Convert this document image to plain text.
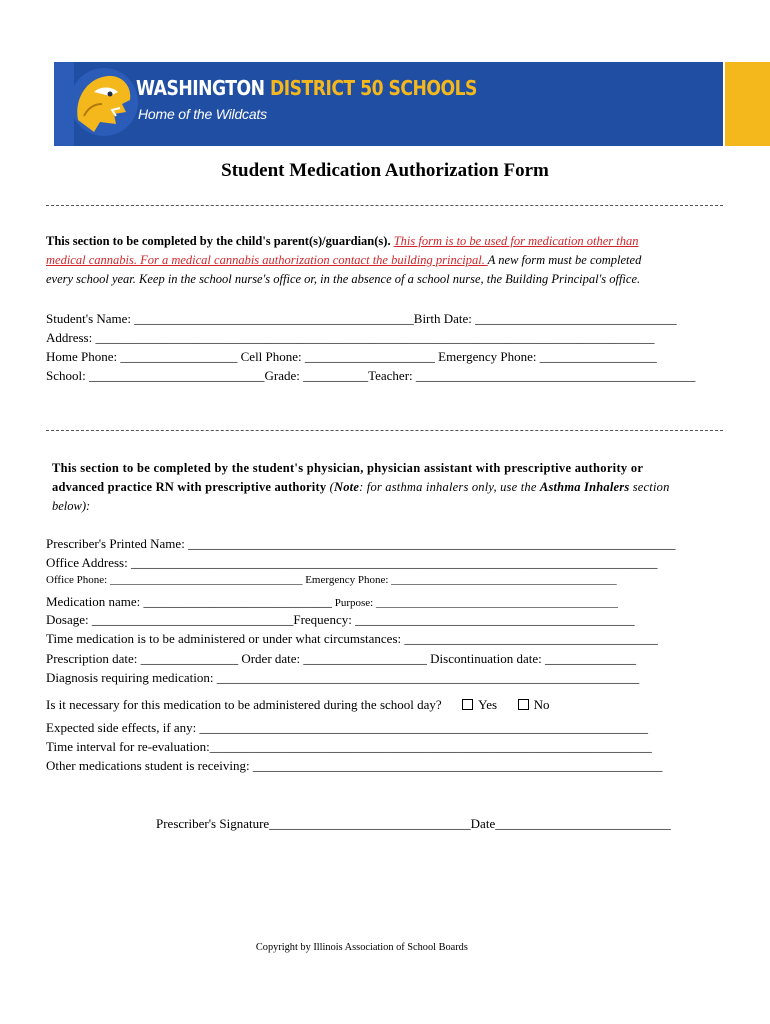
WASHINGTON DISTRICT 50 SCHOOLS
Home of the Wildcats
Student Medication Authorization Form
This section to be completed by the child's parent(s)/guardian(s). This form is to be used for medication other than
medical cannabis. For a medical cannabis authorization contact the building principal. A new form must be completed
every school year. Keep in the school nurse's office or, in the absence of a school nurse, the Building Principal's office.
Student's Name: ___________________________________________Birth Date: _______________________________
Address: ______________________________________________________________________________________
Home Phone: __________________ Cell Phone: ____________________ Emergency Phone: __________________
School: ___________________________Grade: __________Teacher: ___________________________________________
This section to be completed by the student's physician, physician assistant with prescriptive authority or
advanced practice RN with prescriptive authority (Note: for asthma inhalers only, use the Asthma Inhalers section
below):
Prescriber's Printed Name: ___________________________________________________________________________
Office Address: _________________________________________________________________________________
Office Phone: ___________________________________ Emergency Phone: _________________________________________
Medication name: _____________________________ Purpose: ____________________________________________
Dosage: _______________________________Frequency: ___________________________________________
Time medication is to be administered or under what circumstances: _______________________________________
Prescription date: _______________ Order date: ___________________ Discontinuation date: ______________
Diagnosis requiring medication: _________________________________________________________________
Is it necessary for this medication to be administered during the school day?	Yes	No
Expected side effects, if any: _____________________________________________________________________
Time interval for re-evaluation:____________________________________________________________________
Other medications student is receiving: _______________________________________________________________
Prescriber's Signature_______________________________Date___________________________
Copyright by Illinois Association of School Boards
